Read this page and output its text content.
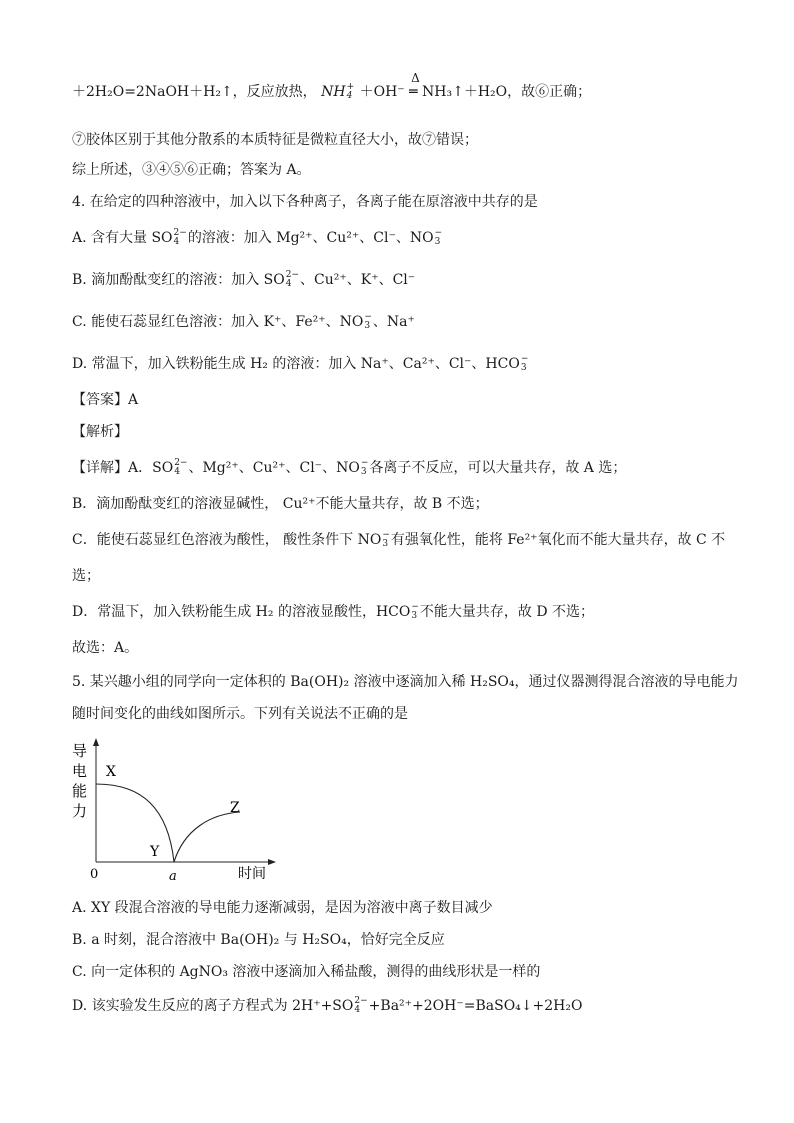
＋2H₂O=2NaOH＋H₂↑，反应放热， NH +
4 ＋OH⁻
Δ
═ NH₃↑＋H₂O，故⑥正确；
⑦胶体区别于其他分散系的本质特征是微粒直径大小，故⑦错误；
综上所述，③④⑤⑥正确；答案为 A。
4. 在给定的四种溶液中，加入以下各种离子，各离子能在原溶液中共存的是
A. 含有大量 SO 2−
4 的溶液：加入 Mg²⁺、Cu²⁺、Cl⁻、NO −
3
B. 滴加酚酞变红的溶液：加入 SO 2−
4 、Cu²⁺、K⁺、Cl⁻
C. 能使石蕊显红色溶液：加入 K⁺、Fe²⁺、NO −
3 、Na⁺
D. 常温下，加入铁粉能生成 H₂ 的溶液：加入 Na⁺、Ca²⁺、Cl⁻、HCO −
3
【答案】A
【解析】
【详解】A．SO 2−
4 、Mg²⁺、Cu²⁺、Cl⁻、NO −
3 各离子不反应，可以大量共存，故 A 选；
B．滴加酚酞变红的溶液显碱性， Cu²⁺不能大量共存，故 B 不选；
C．能使石蕊显红色溶液为酸性， 酸性条件下 NO −
3 有强氧化性，能将 Fe²⁺氧化而不能大量共存，故 C 不
选；
D．常温下，加入铁粉能生成 H₂ 的溶液显酸性，HCO −
3 不能大量共存，故 D 不选；
故选：A。
5. 某兴趣小组的同学向一定体积的 Ba(OH)₂ 溶液中逐滴加入稀 H₂SO₄，通过仪器测得混合溶液的导电能力
随时间变化的曲线如图所示。下列有关说法不正确的是
导
电
能
力
X
Y
Z
0	a	时间
A. XY 段混合溶液的导电能力逐渐减弱，是因为溶液中离子数目减少
B. a 时刻，混合溶液中 Ba(OH)₂ 与 H₂SO₄，恰好完全反应
C. 向一定体积的 AgNO₃ 溶液中逐滴加入稀盐酸，测得的曲线形状是一样的
D. 该实验发生反应的离子方程式为 2H⁺+SO 2−
4 +Ba²⁺+2OH⁻=BaSO₄↓+2H₂O
